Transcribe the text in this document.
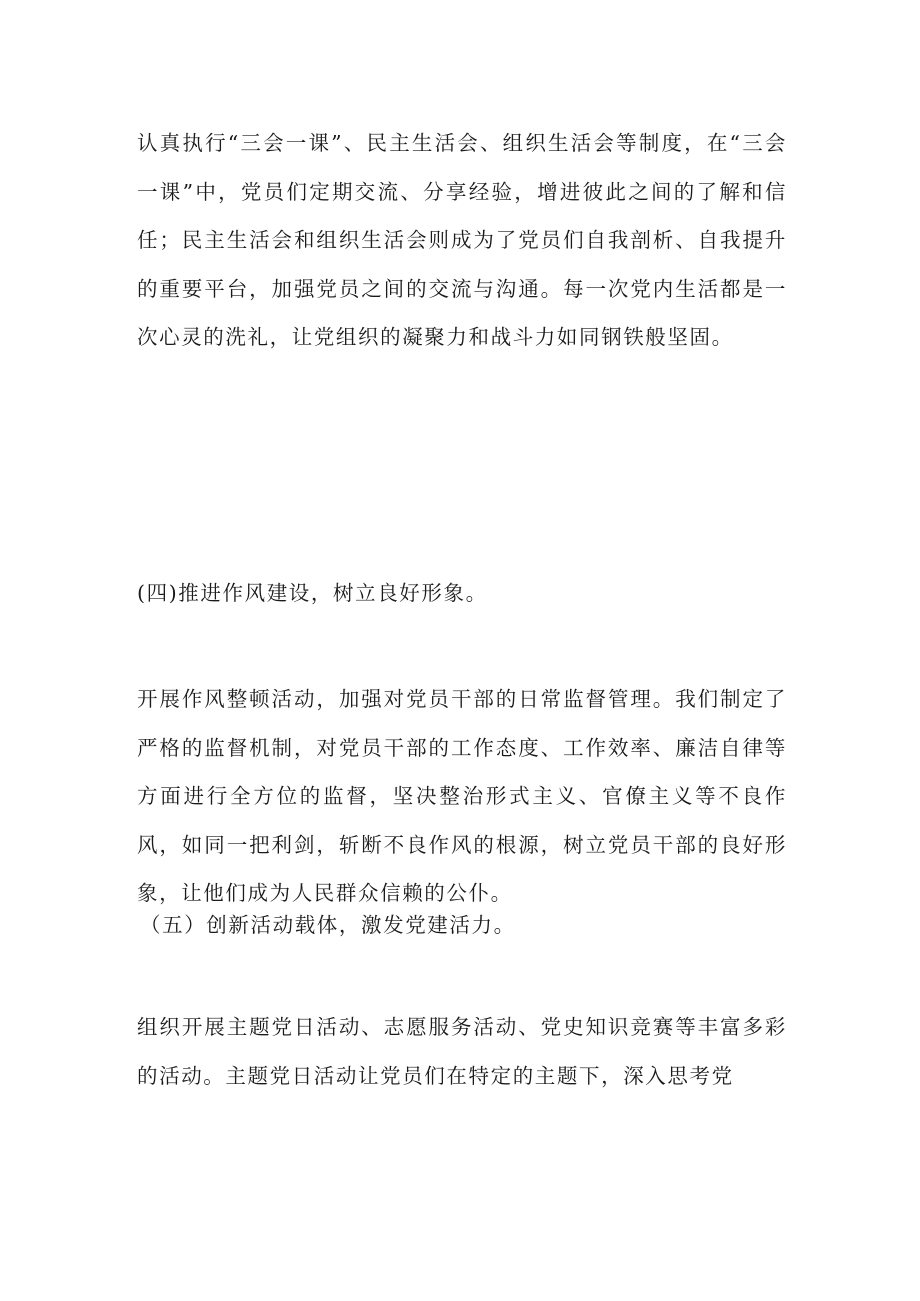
认真执行“三会一课”、民主生活会、组织生活会等制度，在“三会一课”中，党员们定期交流、分享经验，增进彼此之间的了解和信任；民主生活会和组织生活会则成为了党员们自我剖析、自我提升的重要平台，加强党员之间的交流与沟通。每一次党内生活都是一次心灵的洗礼，让党组织的凝聚力和战斗力如同钢铁般坚固。

(四)推进作风建设，树立良好形象。

开展作风整顿活动，加强对党员干部的日常监督管理。我们制定了严格的监督机制，对党员干部的工作态度、工作效率、廉洁自律等方面进行全方位的监督，坚决整治形式主义、官僚主义等不良作风，如同一把利剑，斩断不良作风的根源，树立党员干部的良好形象，让他们成为人民群众信赖的公仆。

（五）创新活动载体，激发党建活力。

组织开展主题党日活动、志愿服务活动、党史知识竞赛等丰富多彩的活动。主题党日活动让党员们在特定的主题下，深入思考党
